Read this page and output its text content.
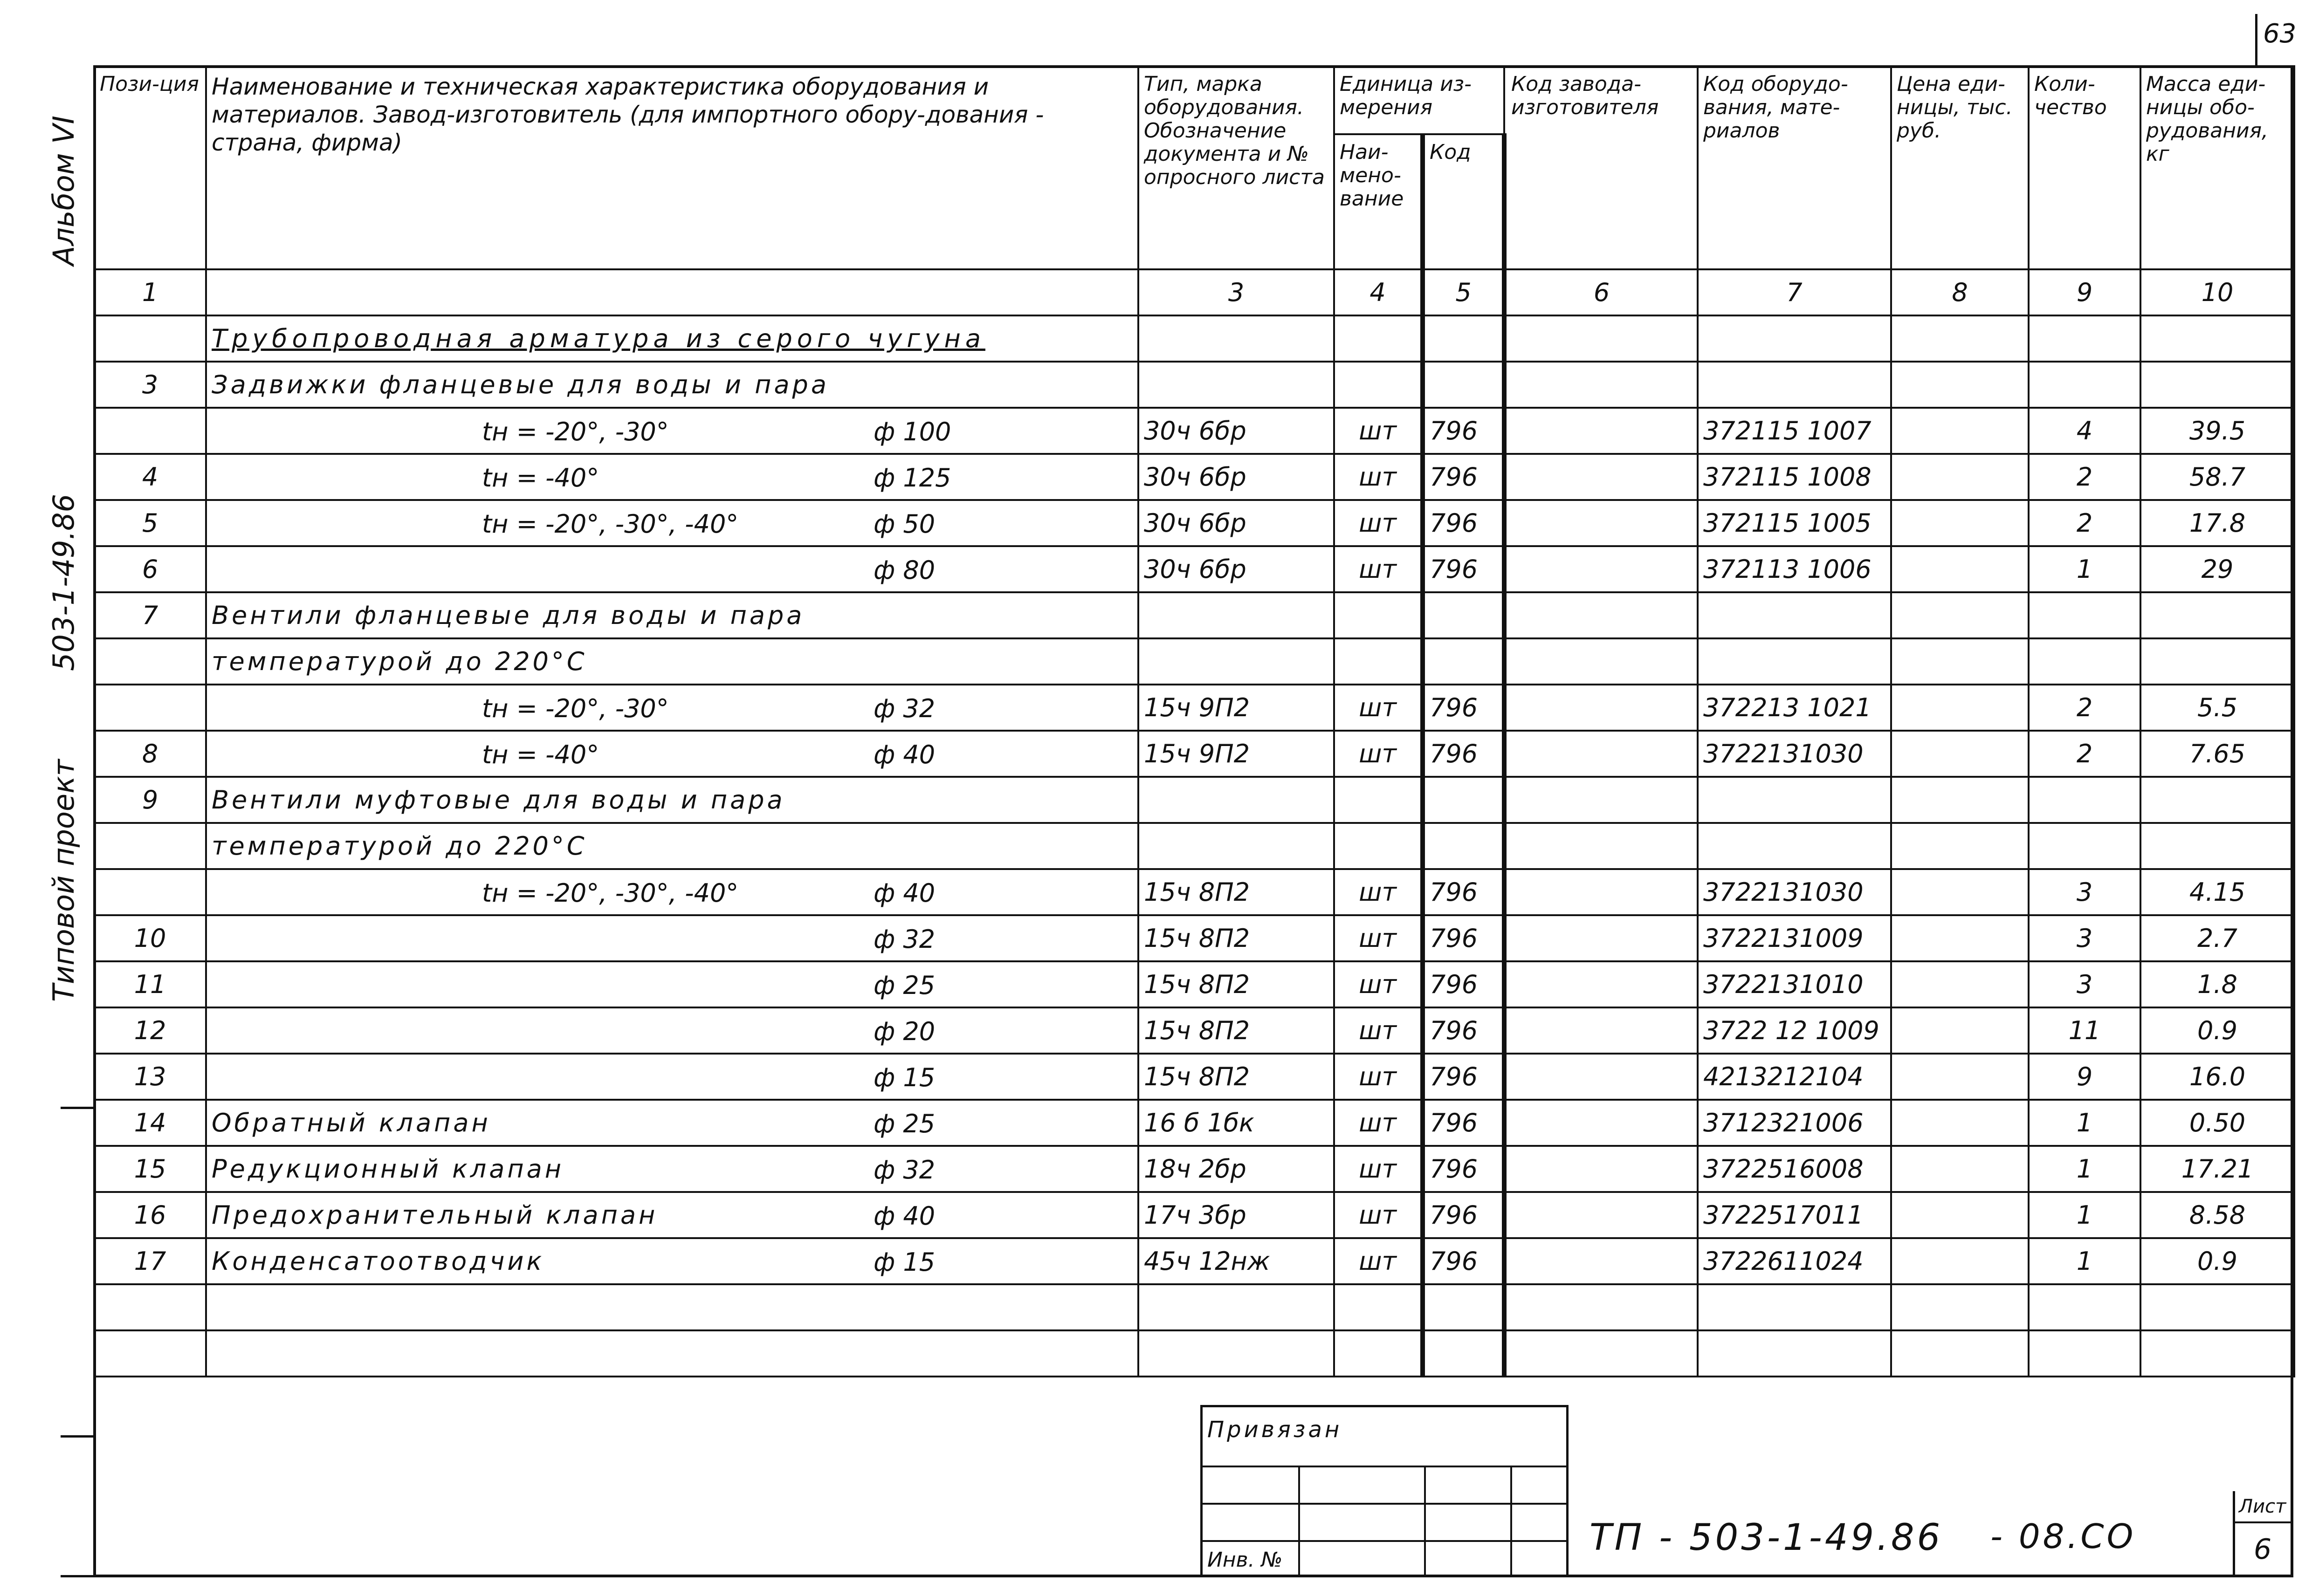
63
Альбом VI
Типовой проект
503-1-49.86
Пози-ция	Наименование и техническая характеристика оборудования и материалов. Завод-изготовитель (для импортного обору-дования - страна, фирма)	Тип, марка оборудования. Обозначение документа и № опросного листа	Единица из-мерения		Код завода-изготовителя	Код оборудо-вания, мате-риалов	Цена еди-ницы, тыс. руб.	Коли-чество	Масса еди-ницы обо-рудования, кг
			Наи-мено-вание	Код					
1		3	4	5	6	7	8	9	10
	Трубопроводная арматура из серого чугуна								
3	Задвижки фланцевые для воды и пара

	tн = -20°, -30° ф 100	30ч 6бр	шт	796		372115 1007		4	39.5
4	tн = -40° ф 125	30ч 6бр	шт	796		372115 1008		2	58.7
5	tн = -20°, -30°, -40° ф 50	30ч 6бр	шт	796		372115 1005		2	17.8
6	ф 80	30ч 6бр	шт	796		372113 1006		1	29
7	Вентили фланцевые для воды и пара

	температурой до 220°С

	tн = -20°, -30° ф 32	15ч 9П2	шт	796		372213 1021		2	5.5
8	tн = -40° ф 40	15ч 9П2	шт	796		3722131030		2	7.65
9	Вентили муфтовые для воды и пара

	температурой до 220°С

	tн = -20°, -30°, -40° ф 40	15ч 8П2	шт	796		3722131030		3	4.15
10	ф 32	15ч 8П2	шт	796		3722131009		3	2.7
11	ф 25	15ч 8П2	шт	796		3722131010		3	1.8
12	ф 20	15ч 8П2	шт	796		3722 12 1009		11	0.9
13	ф 15	15ч 8П2	шт	796		4213212104		9	16.0
14	Обратный клапан ф 25	16 б 1бк	шт	796		3712321006		1	0.50
15	Редукционный клапан ф 32	18ч 2бр	шт	796		3722516008		1	17.21
16	Предохранительный клапан ф 40	17ч 3бр	шт	796		3722517011		1	8.58
17	Конденсатоотводчик ф 15	45ч 12нж	шт	796		3722611024		1	0.9

Привязан
Инв. №
ТП - 503-1-49.86 - 08.СО
Лист
6
